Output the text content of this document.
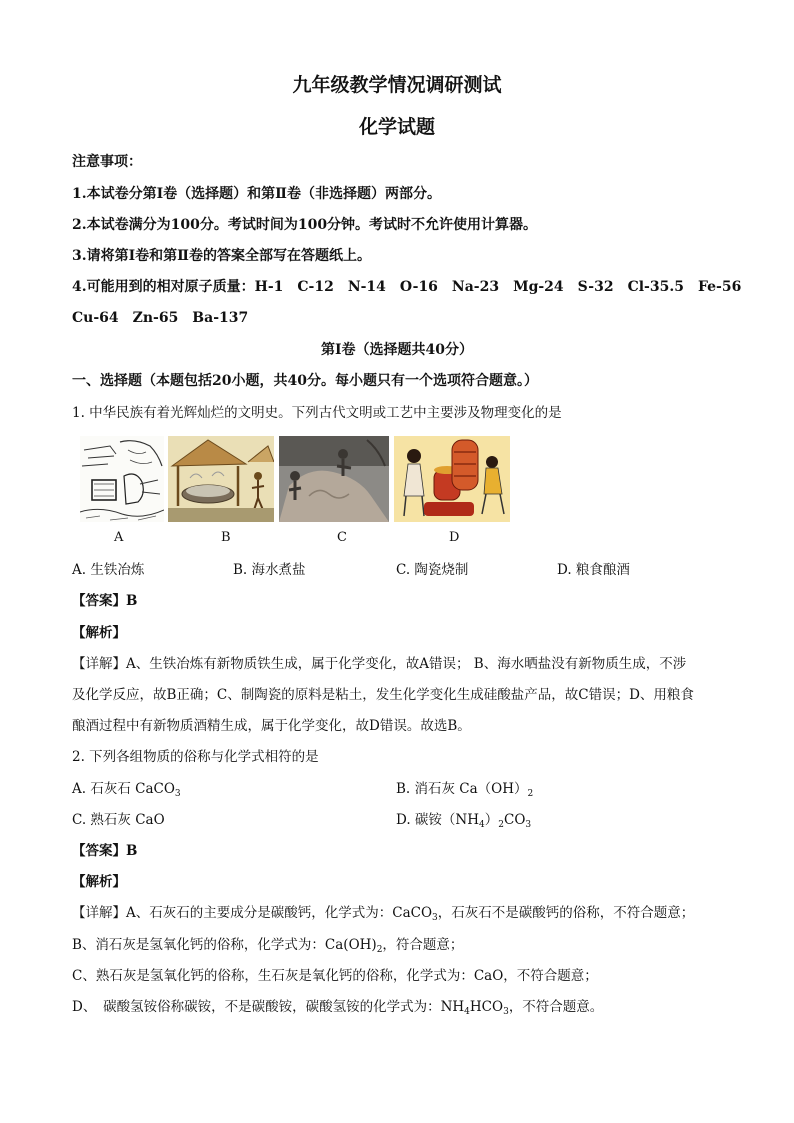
九年级教学情况调研测试
化学试题
注意事项：
1.本试卷分第Ⅰ卷（选择题）和第Ⅱ卷（非选择题）两部分。
2.本试卷满分为100分。考试时间为100分钟。考试时不允许使用计算器。
3.请将第Ⅰ卷和第Ⅱ卷的答案全部写在答题纸上。
4.可能用到的相对原子质量：H-1　C-12　N-14　O-16　Na-23　Mg-24　S-32　Cl-35.5　Fe-56
Cu-64　Zn-65　Ba-137
第Ⅰ卷（选择题共40分）
一、选择题（本题包括20小题，共40分。每小题只有一个选项符合题意。）
1. 中华民族有着光辉灿烂的文明史。下列古代文明或工艺中主要涉及物理变化的是
A	B	C	D
A. 生铁冶炼	B. 海水煮盐	C. 陶瓷烧制	D. 粮食酿酒
【答案】B
【解析】
【详解】A、生铁冶炼有新物质铁生成，属于化学变化，故A错误； B、海水晒盐没有新物质生成，不涉
及化学反应，故B正确；C、制陶瓷的原料是粘土，发生化学变化生成硅酸盐产品，故C错误；D、用粮食
酿酒过程中有新物质酒精生成，属于化学变化，故D错误。故选B。
2. 下列各组物质的俗称与化学式相符的是
A. 石灰石 CaCO$_3$	B. 消石灰 $Ca(OH)_2$
C. 熟石灰 CaO	D. 碳铵$(NH_4)_2CO_3$
【答案】B
【解析】
【详解】A、石灰石的主要成分是碳酸钙，化学式为：CaCO$_3$，石灰石不是碳酸钙的俗称，不符合题意；
B、消石灰是氢氧化钙的俗称，化学式为：$Ca(OH)_2$，符合题意；
C、熟石灰是氢氧化钙的俗称，生石灰是氧化钙的俗称，化学式为：CaO，不符合题意；
D、　碳酸氢铵俗称碳铵，不是碳酸铵，碳酸氢铵的化学式为：$NH_4HCO_3$，不符合题意。
